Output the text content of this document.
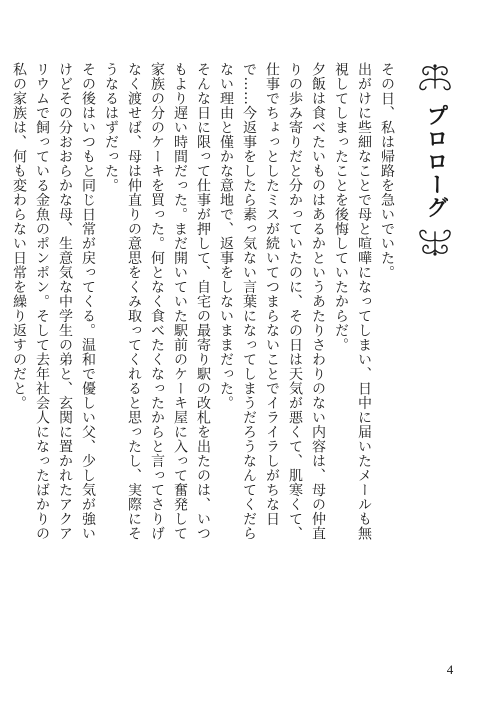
プロローグ

その日、私は帰路を急いでいた。

出がけに些細なことで母と喧嘩になってしまい、日中に届いたメールも無視してしまったことを後悔していたからだ。

夕飯は食べたいものはあるかというあたりさわりのない内容は、母の仲直りの歩み寄りだと分かっていたのに、その日は天気が悪くて、肌寒くて、仕事でちょっとしたミスが続いてつまらないことでイライラしがちな日で……今返事をしたら素っ気ない言葉になってしまうだろうなんてくだらない理由と僅かな意地で、返事をしないままだった。

そんな日に限って仕事が押して、自宅の最寄り駅の改札を出たのは、いつもより遅い時間だった。まだ開いていた駅前のケーキ屋に入って奮発して家族の分のケーキを買った。何となく食べたくなったからと言ってさりげなく渡せば、母は仲直りの意思をくみ取ってくれると思ったし、実際にそうなるはずだった。

その後はいつもと同じ日常が戻ってくる。温和で優しい父、少し気が強いけどその分おおらかな母、生意気な中学生の弟と、玄関に置かれたアクアリウムで飼っている金魚のポンポン。そして去年社会人になったばかりの私の家族は、何も変わらない日常を繰り返すのだと。

4
